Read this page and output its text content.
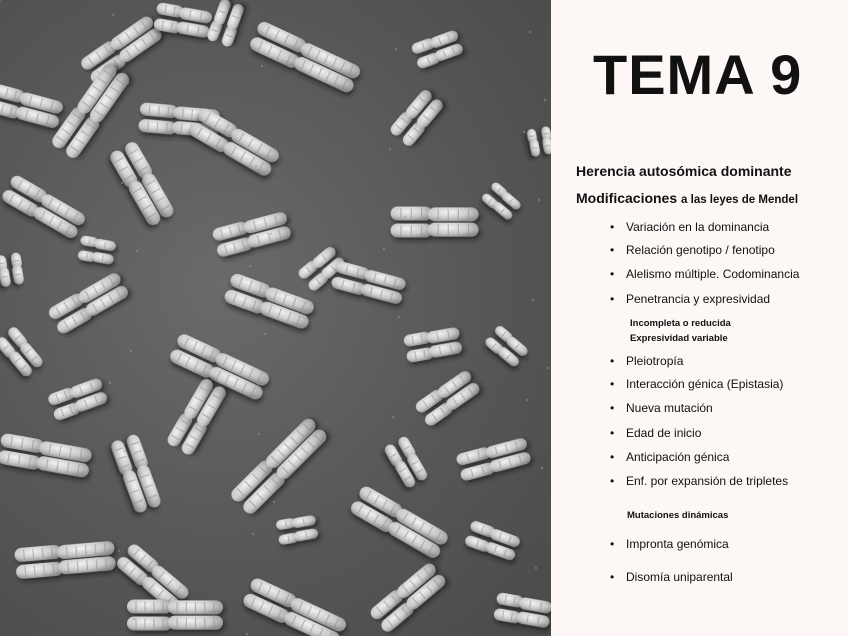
TEMA 9
Herencia autosómica dominante
Modificaciones a las leyes de Mendel
• Variación en la dominancia
• Relación genotipo / fenotipo
• Alelismo múltiple. Codominancia
• Penetrancia y expresividad
Incompleta o reducida
Expresividad variable
• Pleiotropía
• Interacción génica (Epistasia)
• Nueva mutación
• Edad de inicio
• Anticipación génica
• Enf. por expansión de tripletes
Mutaciones dinámicas
• Impronta genómica
• Disomía uniparental
